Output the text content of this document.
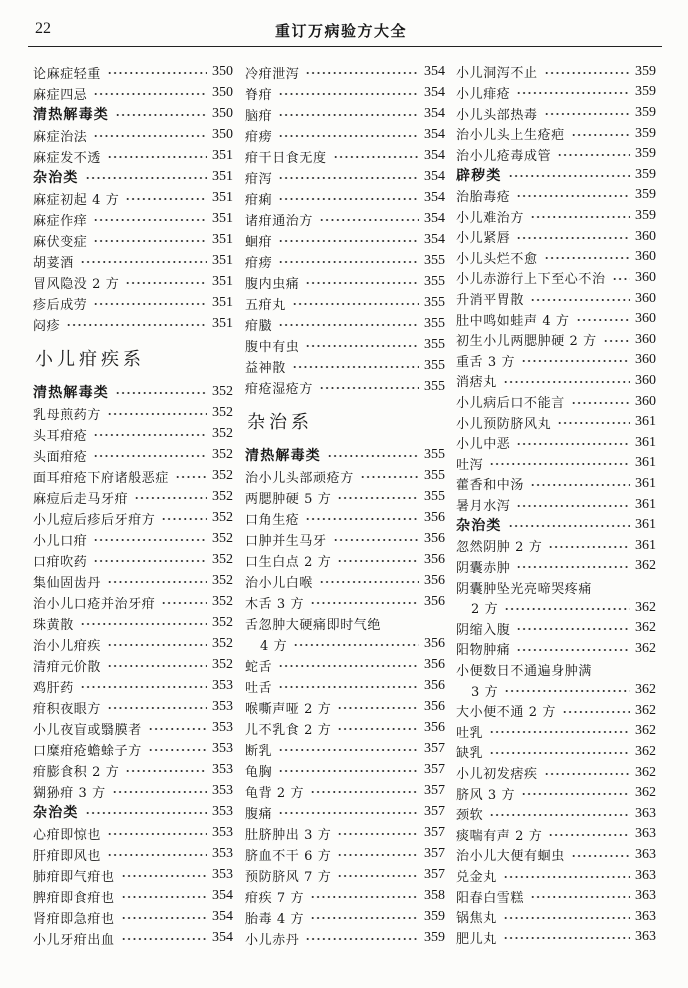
22	重订万病验方大全
论麻症轻重	350
麻症四忌	350
清热解毒类	350
麻症治法	350
麻症发不透	351
杂治类	351
麻症初起 4 方	351
麻症作痒	351
麻伏变症	351
胡荽酒	351
冒风隐没 2 方	351
疹后成劳	351
闷疹	351
小儿疳疾系
清热解毒类	352
乳母煎药方	352
头耳疳疮	352
头面疳疮	352
面耳疳疮下府诸般恶症	352
麻痘后走马牙疳	352
小儿痘后疹后牙疳方	352
小儿口疳	352
口疳吹药	352
集仙固齿丹	352
治小儿口疮并治牙疳	352
珠黄散	352
治小儿疳疾	352
清疳元价散	352
鸡肝药	353
疳积夜眼方	353
小儿夜盲或翳膜者	353
口糜疳疮蟾蜍子方	353
疳膨食积 2 方	353
猢狲疳 3 方	353
杂治类	353
心疳即惊也	353
肝疳即风也	353
肺疳即气疳也	353
脾疳即食疳也	354
肾疳即急疳也	354
小儿牙疳出血	354
冷疳泄泻	354
脊疳	354
脑疳	354
疳痨	354
疳干日食无度	354
疳泻	354
疳痢	354
诸疳通治方	354
蛔疳	354
疳痨	355
腹内虫痛	355
五疳丸	355
疳臌	355
腹中有虫	355
益神散	355
疳疮湿疮方	355
杂治系
清热解毒类	355
治小儿头部顽疮方	355
两腮肿硬 5 方	355
口角生疮	356
口肿并生马牙	356
口生白点 2 方	356
治小儿白喉	356
木舌 3 方	356
舌忽肿大硬痛即时气绝
4 方	356
蛇舌	356
吐舌	356
喉嘶声哑 2 方	356
儿不乳食 2 方	356
断乳	357
龟胸	357
龟背 2 方	357
腹痛	357
肚脐肿出 3 方	357
脐血不干 6 方	357
预防脐风 7 方	357
疳疾 7 方	358
胎毒 4 方	359
小儿赤丹	359
小儿洞泻不止	359
小儿痱疮	359
小儿头部热毒	359
治小儿头上生疮疤	359
治小儿疮毒成管	359
辟秽类	359
治胎毒疮	359
小儿难治方	359
小儿紧唇	360
小儿头烂不愈	360
小儿赤游行上下至心不治 360
升消平胃散	360
肚中鸣如蛙声 4 方	360
初生小儿两腮肿硬 2 方	360
重舌 3 方	360
消痞丸	360
小儿病后口不能言	360
小儿预防脐风丸	361
小儿中恶	361
吐泻	361
藿香和中汤	361
暑月水泻	361
杂治类	361
忽然阴肿 2 方	361
阴囊赤肿	362
阴囊肿坠光亮啼哭疼痛
2 方	362
阴缩入腹	362
阳物肿痛	362
小便数日不通遍身肿满
3 方	362
大小便不通 2 方	362
吐乳	362
缺乳	362
小儿初发痞疾	362
脐风 3 方	362
颈软	363
痰喘有声 2 方	363
治小儿大便有蛔虫	363
兑金丸	363
阳春白雪糕	363
锅焦丸	363
肥儿丸	363
